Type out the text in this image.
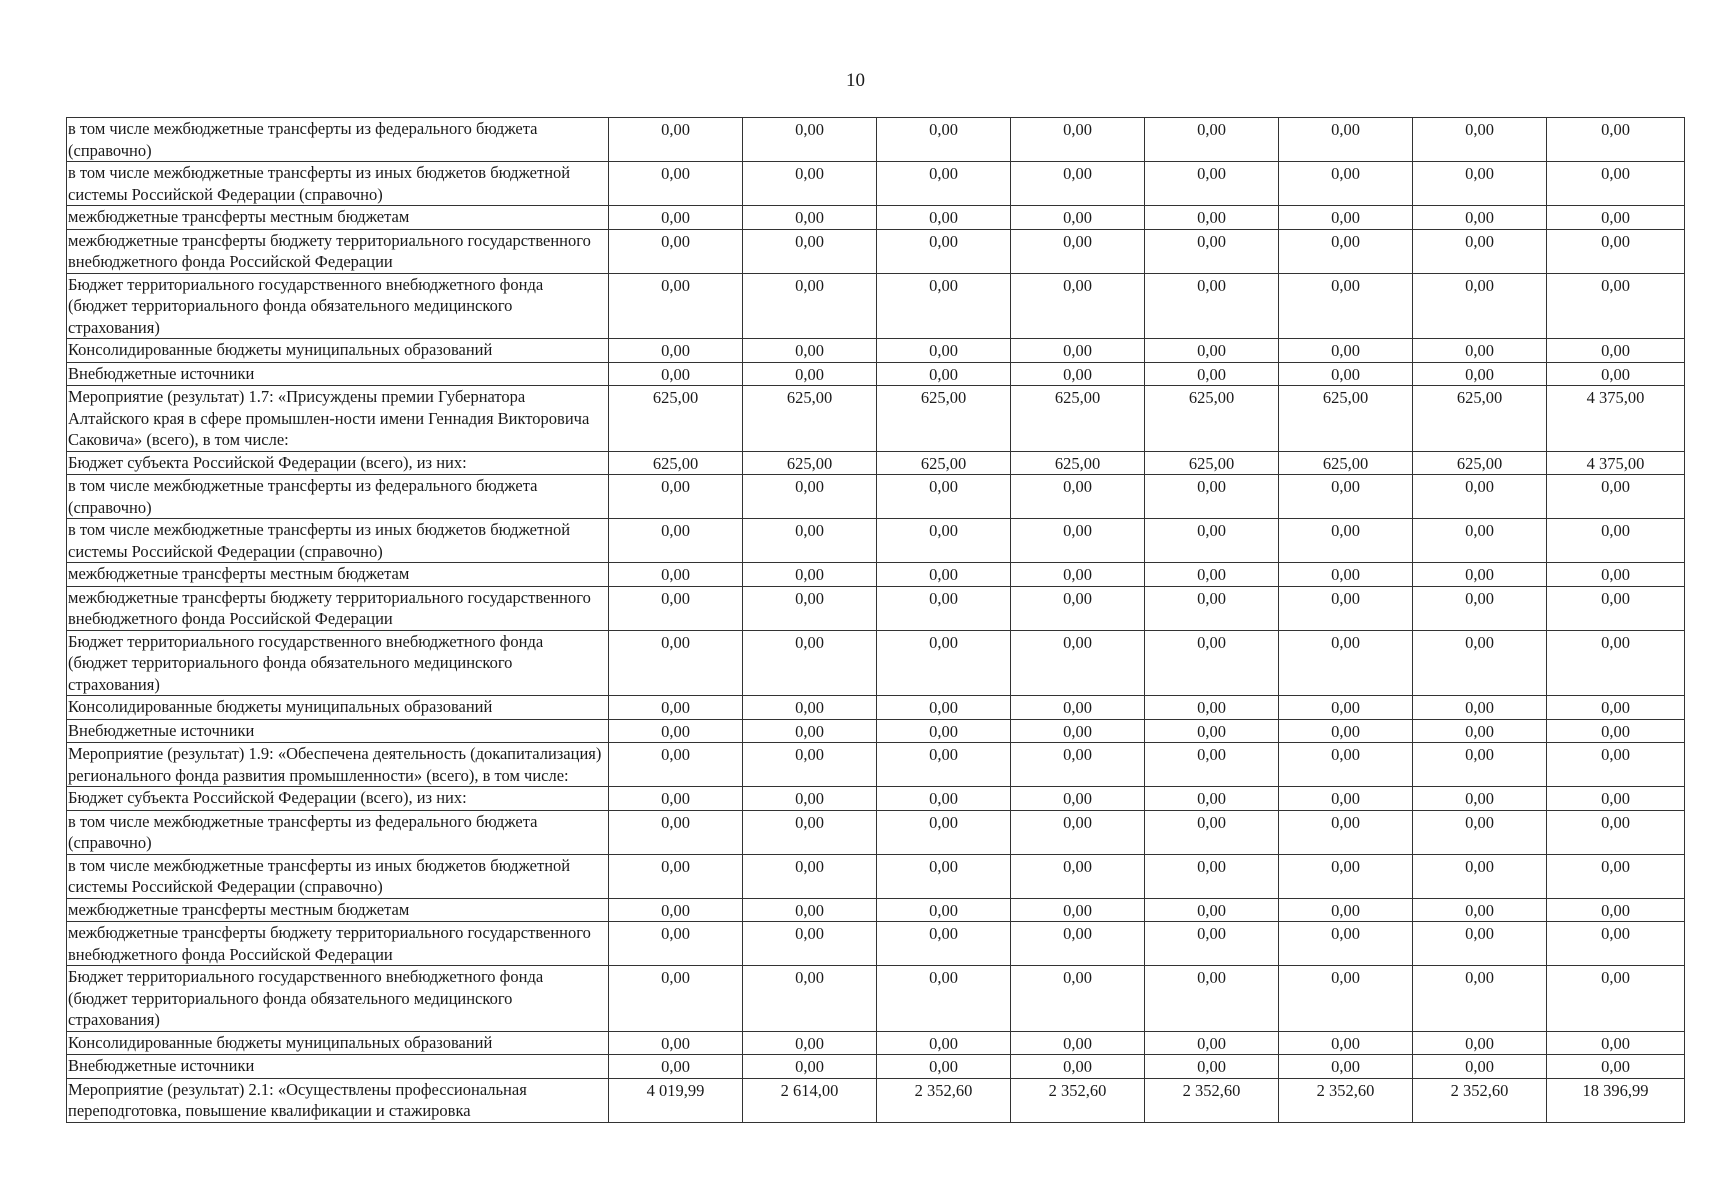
10
в том числе межбюджетные трансферты из федерального бюджета (справочно)	0,00	0,00	0,00	0,00	0,00	0,00	0,00	0,00
в том числе межбюджетные трансферты из иных бюджетов бюджетной системы Российской Федерации (справочно)	0,00	0,00	0,00	0,00	0,00	0,00	0,00	0,00
межбюджетные трансферты местным бюджетам	0,00	0,00	0,00	0,00	0,00	0,00	0,00	0,00
межбюджетные трансферты бюджету территориального государственного внебюджетного фонда Российской Федерации	0,00	0,00	0,00	0,00	0,00	0,00	0,00	0,00
Бюджет территориального государственного внебюджетного фонда (бюджет территориального фонда обязательного медицинского страхования)	0,00	0,00	0,00	0,00	0,00	0,00	0,00	0,00
Консолидированные бюджеты муниципальных образований	0,00	0,00	0,00	0,00	0,00	0,00	0,00	0,00
Внебюджетные источники	0,00	0,00	0,00	0,00	0,00	0,00	0,00	0,00
Мероприятие (результат) 1.7: «Присуждены премии Губернатора Алтайского края в сфере промышлен-ности имени Геннадия Викторовича Саковича» (всего), в том числе:	625,00	625,00	625,00	625,00	625,00	625,00	625,00	4 375,00
Бюджет субъекта Российской Федерации (всего), из них:	625,00	625,00	625,00	625,00	625,00	625,00	625,00	4 375,00
в том числе межбюджетные трансферты из федерального бюджета (справочно)	0,00	0,00	0,00	0,00	0,00	0,00	0,00	0,00
в том числе межбюджетные трансферты из иных бюджетов бюджетной системы Российской Федерации (справочно)	0,00	0,00	0,00	0,00	0,00	0,00	0,00	0,00
межбюджетные трансферты местным бюджетам	0,00	0,00	0,00	0,00	0,00	0,00	0,00	0,00
межбюджетные трансферты бюджету территориального государственного внебюджетного фонда Российской Федерации	0,00	0,00	0,00	0,00	0,00	0,00	0,00	0,00
Бюджет территориального государственного внебюджетного фонда (бюджет территориального фонда обязательного медицинского страхования)	0,00	0,00	0,00	0,00	0,00	0,00	0,00	0,00
Консолидированные бюджеты муниципальных образований	0,00	0,00	0,00	0,00	0,00	0,00	0,00	0,00
Внебюджетные источники	0,00	0,00	0,00	0,00	0,00	0,00	0,00	0,00
Мероприятие (результат) 1.9: «Обеспечена деятельность (докапитализация) регионального фонда развития промышленности» (всего), в том числе:	0,00	0,00	0,00	0,00	0,00	0,00	0,00	0,00
Бюджет субъекта Российской Федерации (всего), из них:	0,00	0,00	0,00	0,00	0,00	0,00	0,00	0,00
в том числе межбюджетные трансферты из федерального бюджета (справочно)	0,00	0,00	0,00	0,00	0,00	0,00	0,00	0,00
в том числе межбюджетные трансферты из иных бюджетов бюджетной системы Российской Федерации (справочно)	0,00	0,00	0,00	0,00	0,00	0,00	0,00	0,00
межбюджетные трансферты местным бюджетам	0,00	0,00	0,00	0,00	0,00	0,00	0,00	0,00
межбюджетные трансферты бюджету территориального государственного внебюджетного фонда Российской Федерации	0,00	0,00	0,00	0,00	0,00	0,00	0,00	0,00
Бюджет территориального государственного внебюджетного фонда (бюджет территориального фонда обязательного медицинского страхования)	0,00	0,00	0,00	0,00	0,00	0,00	0,00	0,00
Консолидированные бюджеты муниципальных образований	0,00	0,00	0,00	0,00	0,00	0,00	0,00	0,00
Внебюджетные источники	0,00	0,00	0,00	0,00	0,00	0,00	0,00	0,00
Мероприятие (результат) 2.1: «Осуществлены профессиональная переподготовка, повышение квалификации и стажировка	4 019,99	2 614,00	2 352,60	2 352,60	2 352,60	2 352,60	2 352,60	18 396,99
